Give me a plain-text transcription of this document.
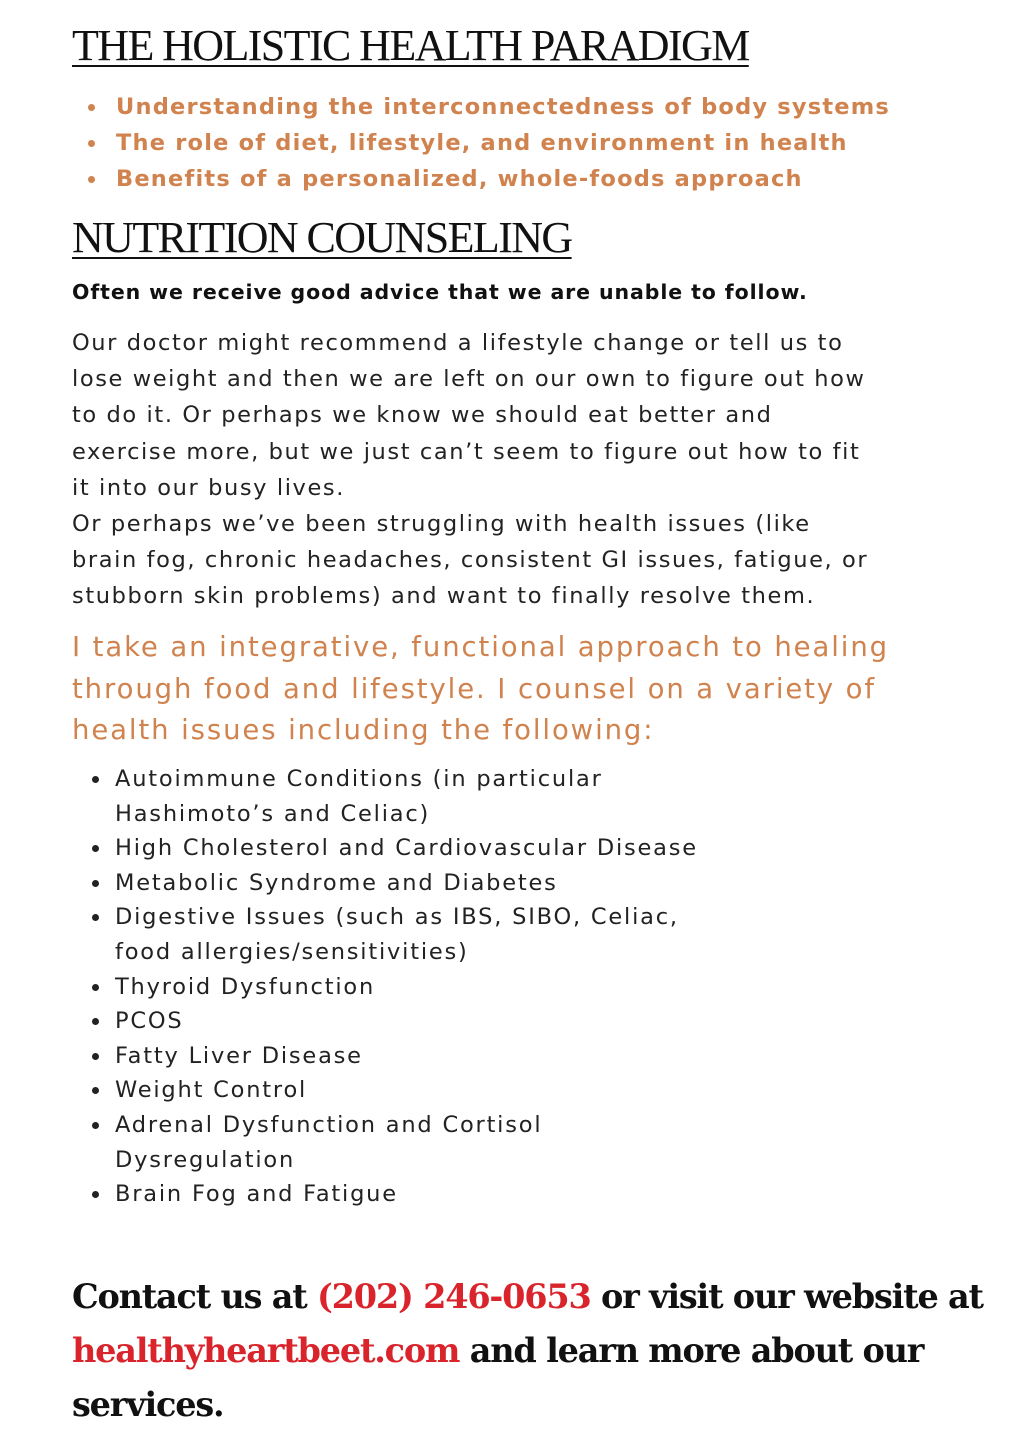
THE HOLISTIC HEALTH PARADIGM
Understanding the interconnectedness of body systems
The role of diet, lifestyle, and environment in health
Benefits of a personalized, whole-foods approach
NUTRITION COUNSELING

Often we receive good advice that we are unable to follow.

Our doctor might recommend a lifestyle change or tell us to
lose weight and then we are left on our own to figure out how
to do it. Or perhaps we know we should eat better and
exercise more, but we just can’t seem to figure out how to fit
it into our busy lives.
Or perhaps we’ve been struggling with health issues (like
brain fog, chronic headaches, consistent GI issues, fatigue, or
stubborn skin problems) and want to finally resolve them.

I take an integrative, functional approach to healing
through food and lifestyle. I counsel on a variety of
health issues including the following:

Autoimmune Conditions (in particular Hashimoto’s and Celiac)
High Cholesterol and Cardiovascular Disease
Metabolic Syndrome and Diabetes
Digestive Issues (such as IBS, SIBO, Celiac, food allergies/sensitivities)
Thyroid Dysfunction
PCOS
Fatty Liver Disease
Weight Control
Adrenal Dysfunction and Cortisol Dysregulation
Brain Fog and Fatigue

Contact us at (202) 246-0653 or visit our website at
healthyheartbeet.com and learn more about our
services.
